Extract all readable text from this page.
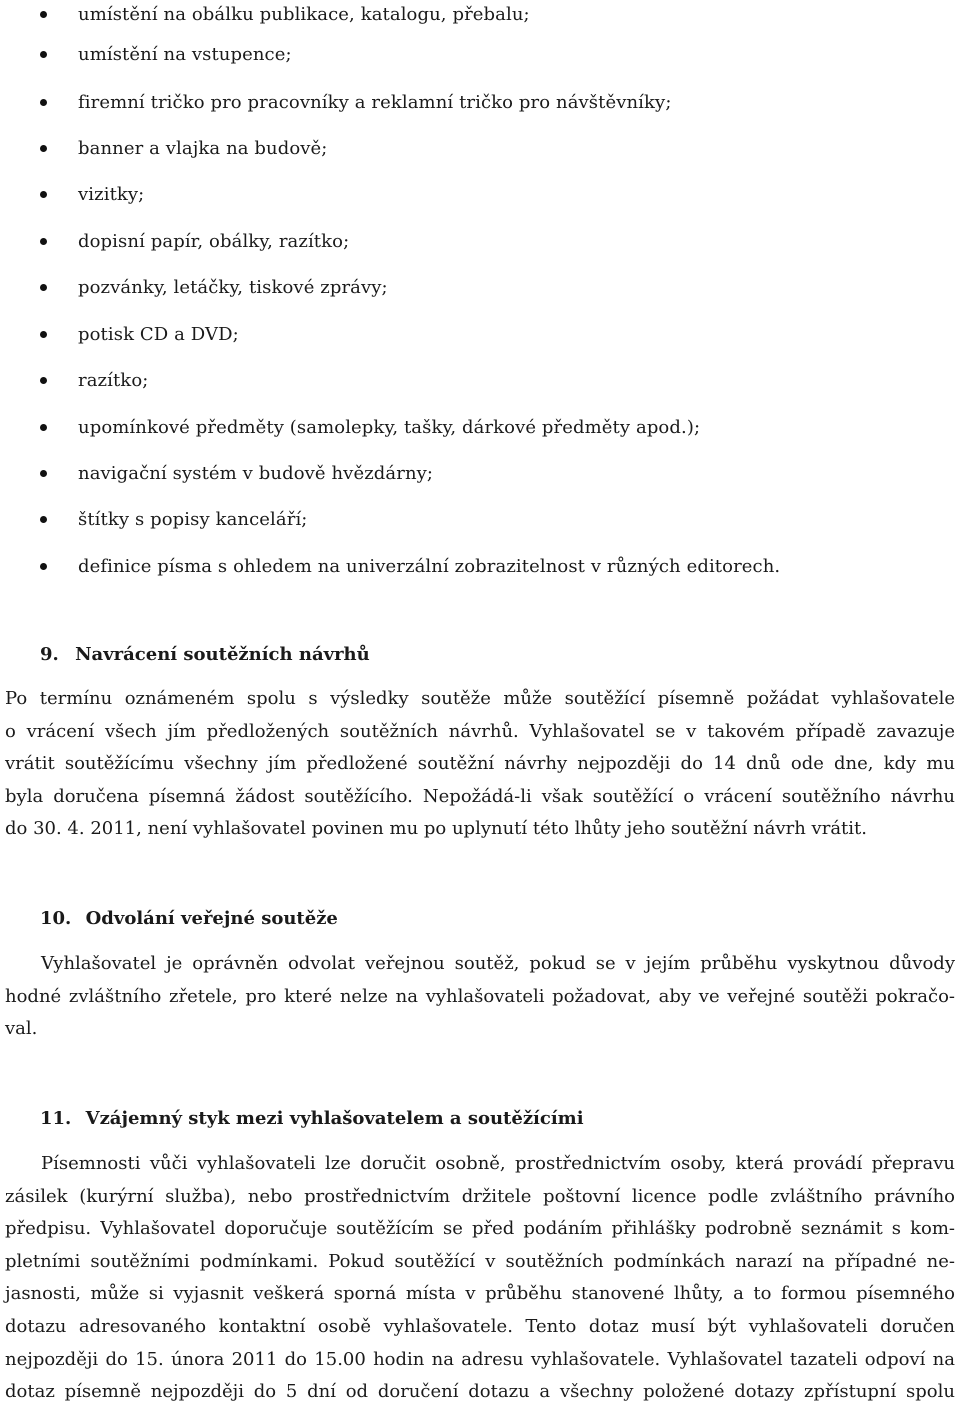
umístění na obálku publikace, katalogu, přebalu;
umístění na vstupence;
firemní tričko pro pracovníky a reklamní tričko pro návštěvníky;
banner a vlajka na budově;
vizitky;
dopisní papír, obálky, razítko;
pozvánky, letáčky, tiskové zprávy;
potisk CD a DVD;
razítko;
upomínkové předměty (samolepky, tašky, dárkové předměty apod.);
navigační systém v budově hvězdárny;
štítky s popisy kanceláří;
definice písma s ohledem na univerzální zobrazitelnost v různých editorech.
9. Navrácení soutěžních návrhů
Po termínu oznámeném spolu s výsledky soutěže může soutěžící písemně požádat vyhlašovatele
o vrácení všech jím předložených soutěžních návrhů. Vyhlašovatel se v takovém případě zavazuje
vrátit soutěžícímu všechny jím předložené soutěžní návrhy nejpozději do 14 dnů ode dne, kdy mu
byla doručena písemná žádost soutěžícího. Nepožádá-li však soutěžící o vrácení soutěžního návrhu
do 30. 4. 2011, není vyhlašovatel povinen mu po uplynutí této lhůty jeho soutěžní návrh vrátit.
10. Odvolání veřejné soutěže
Vyhlašovatel je oprávněn odvolat veřejnou soutěž, pokud se v jejím průběhu vyskytnou důvody
hodné zvláštního zřetele, pro které nelze na vyhlašovateli požadovat, aby ve veřejné soutěži pokračo-
val.
11. Vzájemný styk mezi vyhlašovatelem a soutěžícími
Písemnosti vůči vyhlašovateli lze doručit osobně, prostřednictvím osoby, která provádí přepravu
zásilek (kurýrní služba), nebo prostřednictvím držitele poštovní licence podle zvláštního právního
předpisu. Vyhlašovatel doporučuje soutěžícím se před podáním přihlášky podrobně seznámit s kom-
pletními soutěžními podmínkami. Pokud soutěžící v soutěžních podmínkách narazí na případné ne-
jasnosti, může si vyjasnit veškerá sporná místa v průběhu stanovené lhůty, a to formou písemného
dotazu adresovaného kontaktní osobě vyhlašovatele. Tento dotaz musí být vyhlašovateli doručen
nejpozději do 15. února 2011 do 15.00 hodin na adresu vyhlašovatele. Vyhlašovatel tazateli odpoví na
dotaz písemně nejpozději do 5 dní od doručení dotazu a všechny položené dotazy zpřístupní spolu
